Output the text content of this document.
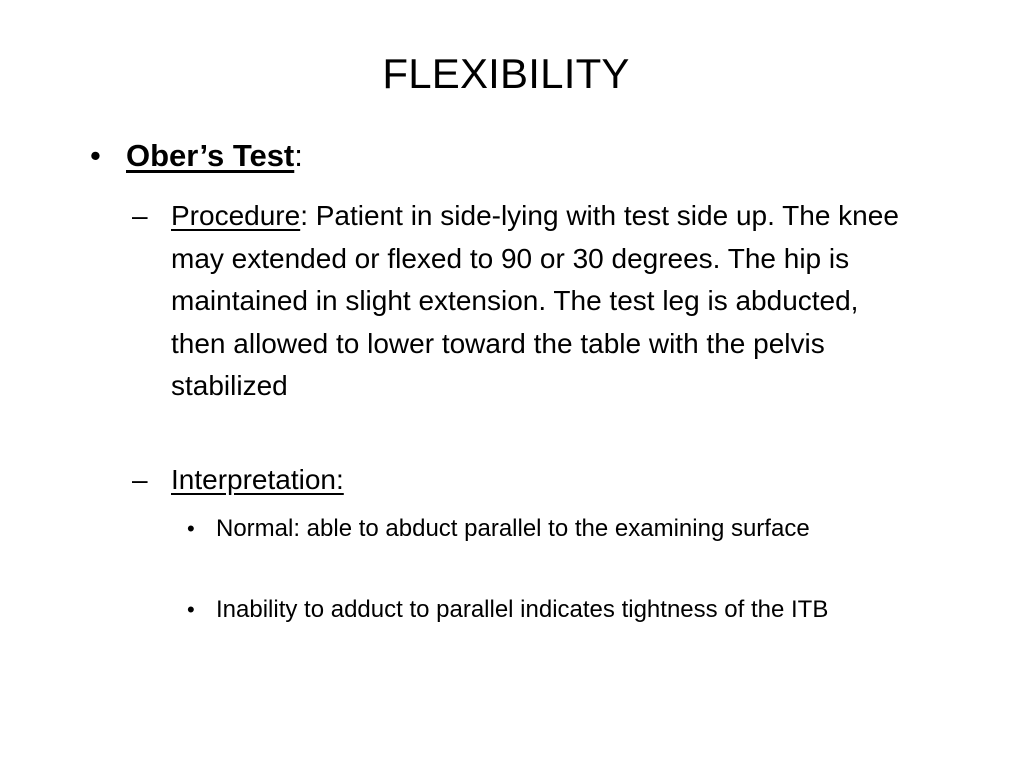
FLEXIBILITY
• Ober’s Test:
– Procedure: Patient in side-lying with test side up. The knee may extended or flexed to 90 or 30 degrees. The hip is maintained in slight extension. The test leg is abducted, then allowed to lower toward the table with the pelvis stabilized
– Interpretation:
• Normal: able to abduct parallel to the examining surface
• Inability to adduct to parallel indicates tightness of the ITB
